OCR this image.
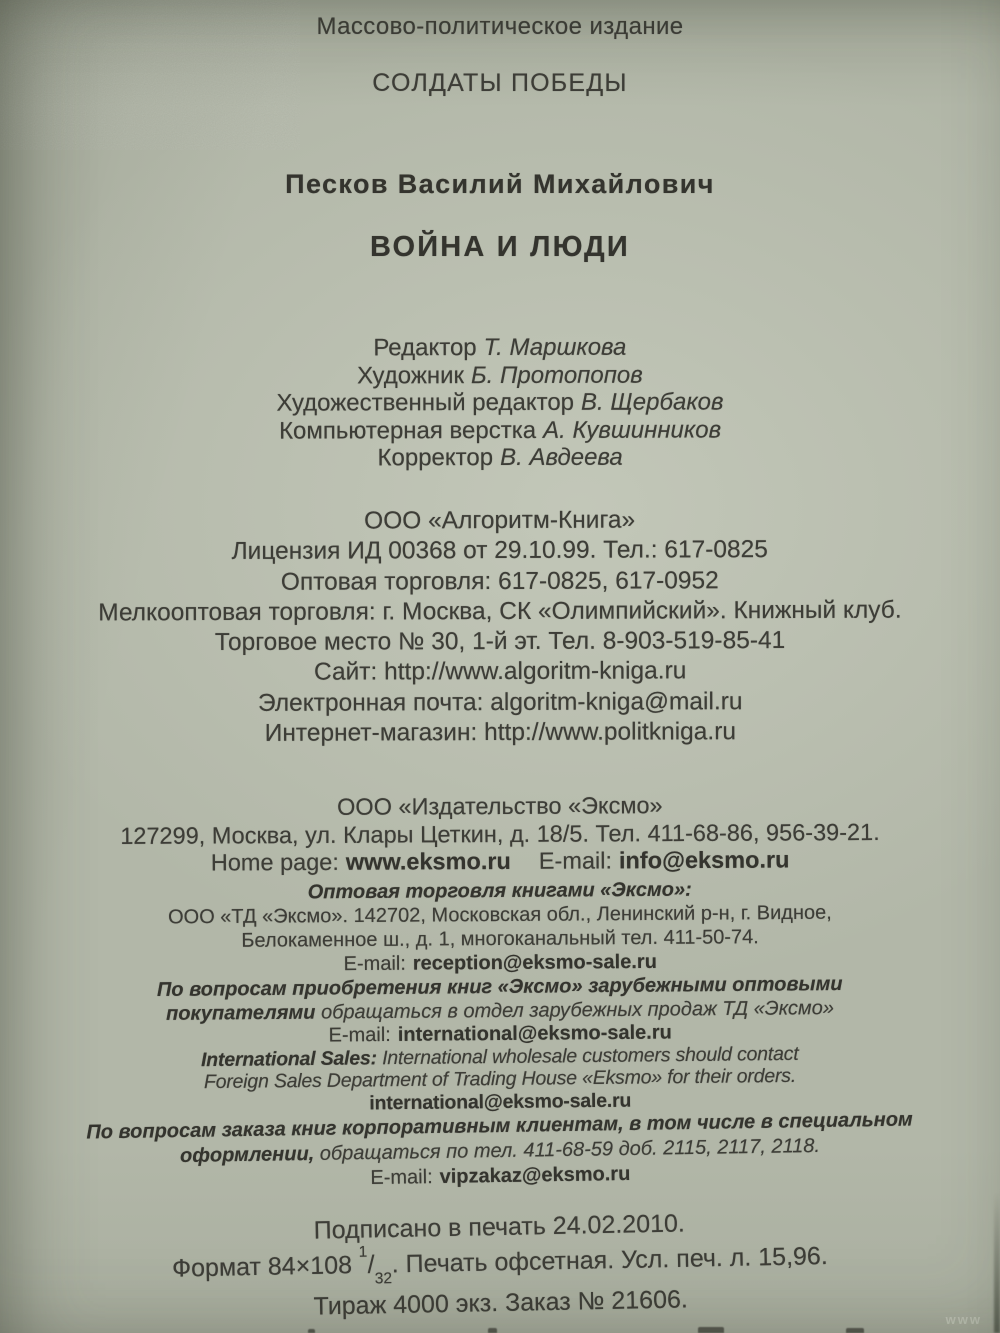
Массово-политическое издание
СОЛДАТЫ ПОБЕДЫ
Песков Василий Михайлович
ВОЙНА И ЛЮДИ
Редактор Т. Маршкова
Художник Б. Протопопов
Художественный редактор В. Щербаков
Компьютерная верстка А. Кувшинников
Корректор В. Авдеева
ООО «Алгоритм-Книга»
Лицензия ИД 00368 от 29.10.99. Тел.: 617-0825
Оптовая торговля: 617-0825, 617-0952
Мелкооптовая торговля: г. Москва, СК «Олимпийский». Книжный клуб.
Торговое место № 30, 1-й эт. Тел. 8-903-519-85-41
Сайт: http://www.algoritm-kniga.ru
Электронная почта: algoritm-kniga@mail.ru
Интернет-магазин: http://www.politkniga.ru
ООО «Издательство «Эксмо»
127299, Москва, ул. Клары Цеткин, д. 18/5. Тел. 411-68-86, 956-39-21.
Home page: www.eksmo.ru E-mail: info@eksmo.ru
Оптовая торговля книгами «Эксмо»:
ООО «ТД «Эксмо». 142702, Московская обл., Ленинский р-н, г. Видное,
Белокаменное ш., д. 1, многоканальный тел. 411-50-74.
E-mail: reception@eksmo-sale.ru
По вопросам приобретения книг «Эксмо» зарубежными оптовыми
покупателями обращаться в отдел зарубежных продаж ТД «Эксмо»
E-mail: international@eksmo-sale.ru
International Sales: International wholesale customers should contact
Foreign Sales Department of Trading House «Eksmo» for their orders.
international@eksmo-sale.ru
По вопросам заказа книг корпоративным клиентам, в том числе в специальном
оформлении, обращаться по тел. 411-68-59 доб. 2115, 2117, 2118.
E-mail: vipzakaz@eksmo.ru
Подписано в печать 24.02.2010.
Формат 84×108 $^1/_{32}$. Печать офсетная. Усл. печ. л. 15,96.
Тираж 4000 экз. Заказ № 21606.	www
